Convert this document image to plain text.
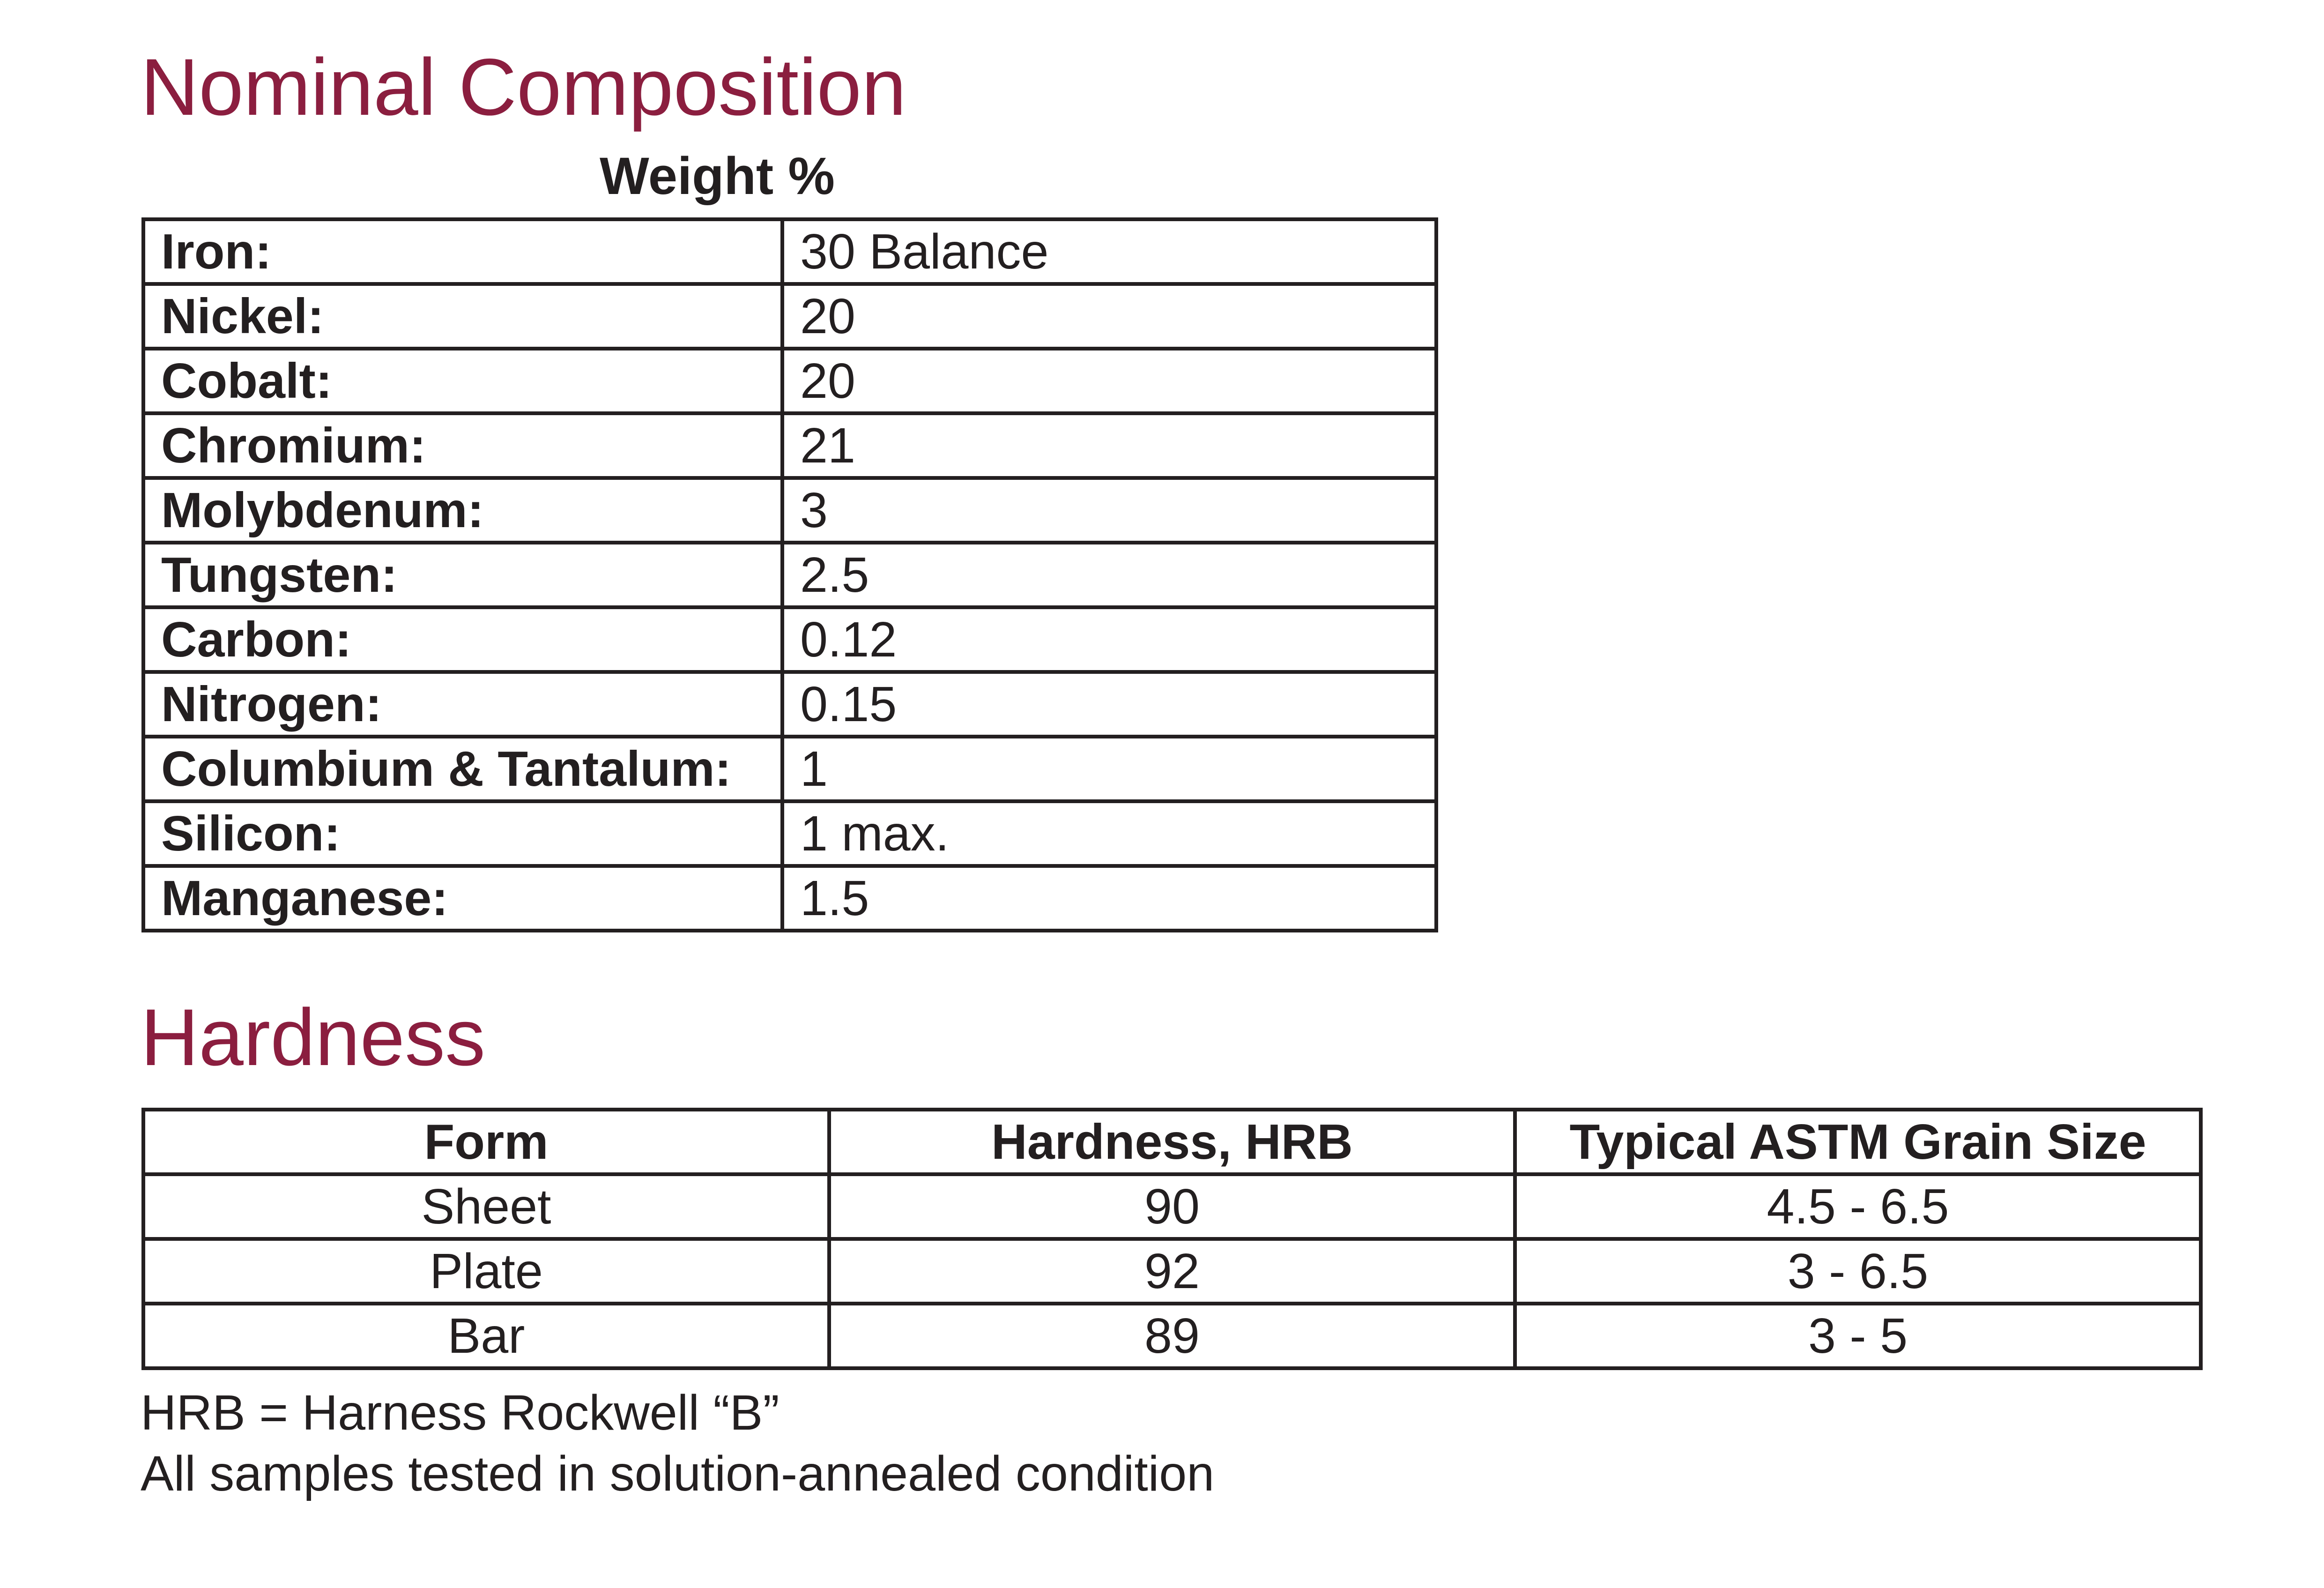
Nominal Composition
Weight %
Iron:	30 Balance
Nickel:	20
Cobalt:	20
Chromium:	21
Molybdenum:	3
Tungsten:	2.5
Carbon:	0.12
Nitrogen:	0.15
Columbium & Tantalum:	1
Silicon:	1 max.
Manganese:	1.5
Hardness
Form	Hardness, HRB	Typical ASTM Grain Size
Sheet	90	4.5 - 6.5
Plate	92	3 - 6.5
Bar	89	3 - 5
HRB = Harness Rockwell “B”
All samples tested in solution-annealed condition
